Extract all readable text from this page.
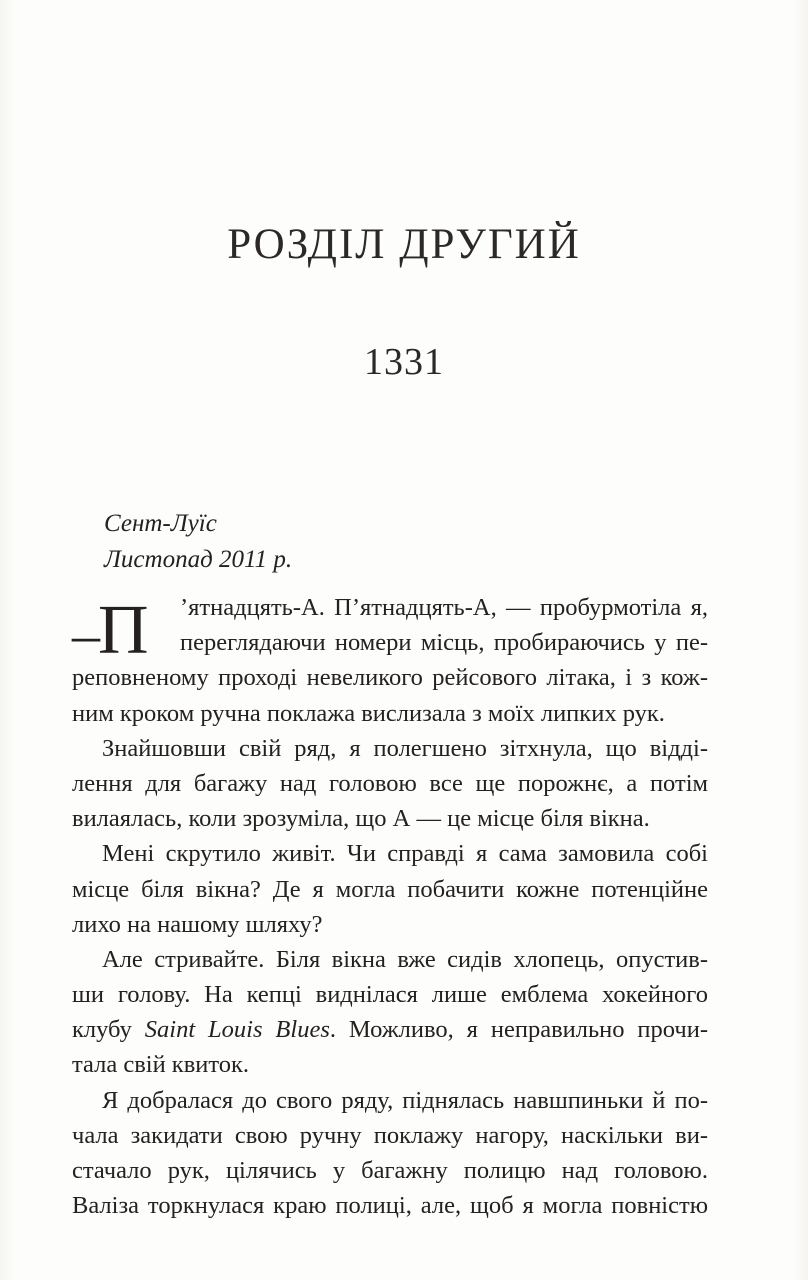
РОЗДІЛ ДРУГИЙ
1331
Сент-Луїс
Листопад 2011 р.
–П	’ятнадцять-А. П’ятнадцять-А, — пробурмотіла я,
переглядаючи номери місць, пробираючись у пе-
реповненому проході невеликого рейсового літака, і з кож-
ним кроком ручна поклажа вислизала з моїх липких рук.
Знайшовши свій ряд, я полегшено зітхнула, що відді-
лення для багажу над головою все ще порожнє, а потім
вилаялась, коли зрозуміла, що А — це місце біля вікна.
Мені скрутило живіт. Чи справді я сама замовила собі
місце біля вікна? Де я могла побачити кожне потенційне
лихо на нашому шляху?
Але стривайте. Біля вікна вже сидів хлопець, опустив-
ши голову. На кепці виднілася лише емблема хокейного
клубу Saint Louis Blues. Можливо, я неправильно прочи-
тала свій квиток.
Я добралася до свого ряду, піднялась навшпиньки й по-
чала закидати свою ручну поклажу нагору, наскільки ви-
стачало рук, цілячись у багажну полицю над головою.
Валіза торкнулася краю полиці, але, щоб я могла повністю
